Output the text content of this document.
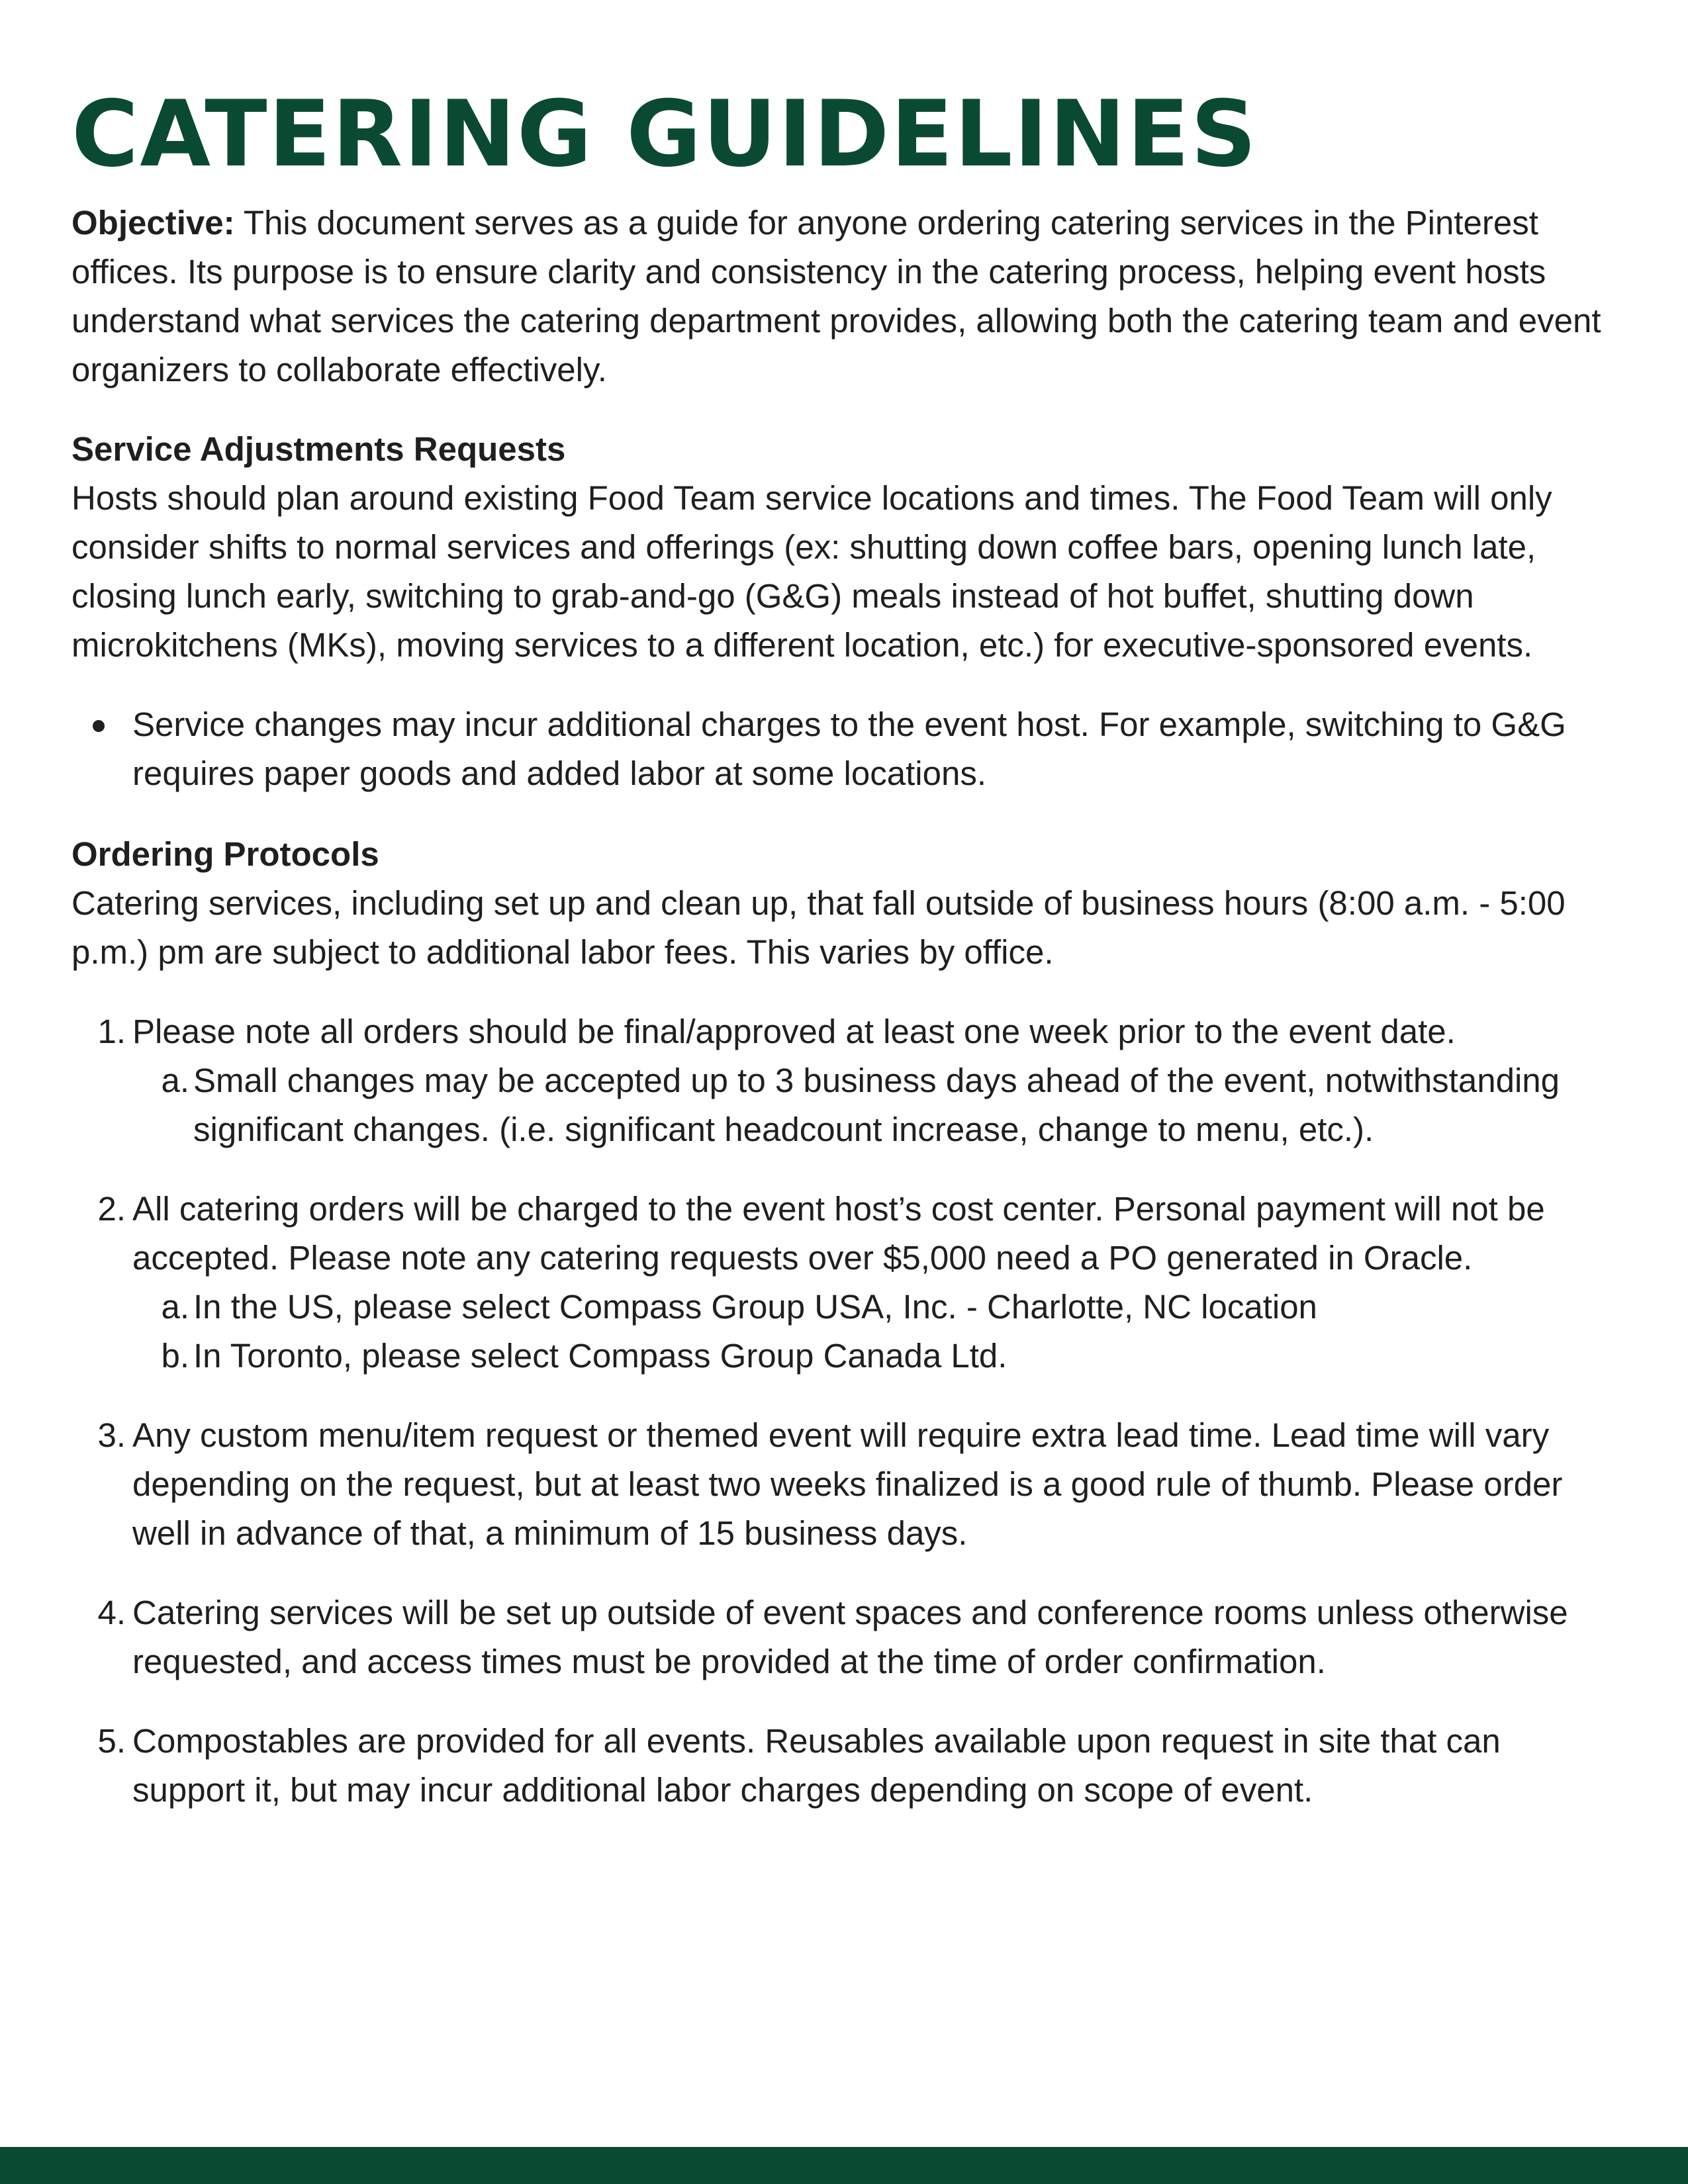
CATERING GUIDELINES

Objective: This document serves as a guide for anyone ordering catering services in the Pinterest offices. Its purpose is to ensure clarity and consistency in the catering process, helping event hosts understand what services the catering department provides, allowing both the catering team and event organizers to collaborate effectively.

Service Adjustments Requests

Hosts should plan around existing Food Team service locations and times. The Food Team will only consider shifts to normal services and offerings (ex: shutting down coffee bars, opening lunch late, closing lunch early, switching to grab-and-go (G&G) meals instead of hot buffet, shutting down microkitchens (MKs), moving services to a different location, etc.) for executive-sponsored events.

Service changes may incur additional charges to the event host. For example, switching to G&G requires paper goods and added labor at some locations.
Ordering Protocols

Catering services, including set up and clean up, that fall outside of business hours (8:00 a.m. - 5:00 p.m.) pm are subject to additional labor fees. This varies by office.

1. Please note all orders should be final/approved at least one week prior to the event date.
a. Small changes may be accepted up to 3 business days ahead of the event, notwithstanding significant changes. (i.e. significant headcount increase, change to menu, etc.).
2. All catering orders will be charged to the event host’s cost center. Personal payment will not be accepted. Please note any catering requests over $5,000 need a PO generated in Oracle.
a. In the US, please select Compass Group USA, Inc. - Charlotte, NC location
b. In Toronto, please select Compass Group Canada Ltd.
3. Any custom menu/item request or themed event will require extra lead time. Lead time will vary depending on the request, but at least two weeks finalized is a good rule of thumb. Please order well in advance of that, a minimum of 15 business days.
4. Catering services will be set up outside of event spaces and conference rooms unless otherwise requested, and access times must be provided at the time of order confirmation.
5. Compostables are provided for all events. Reusables available upon request in site that can support it, but may incur additional labor charges depending on scope of event.
